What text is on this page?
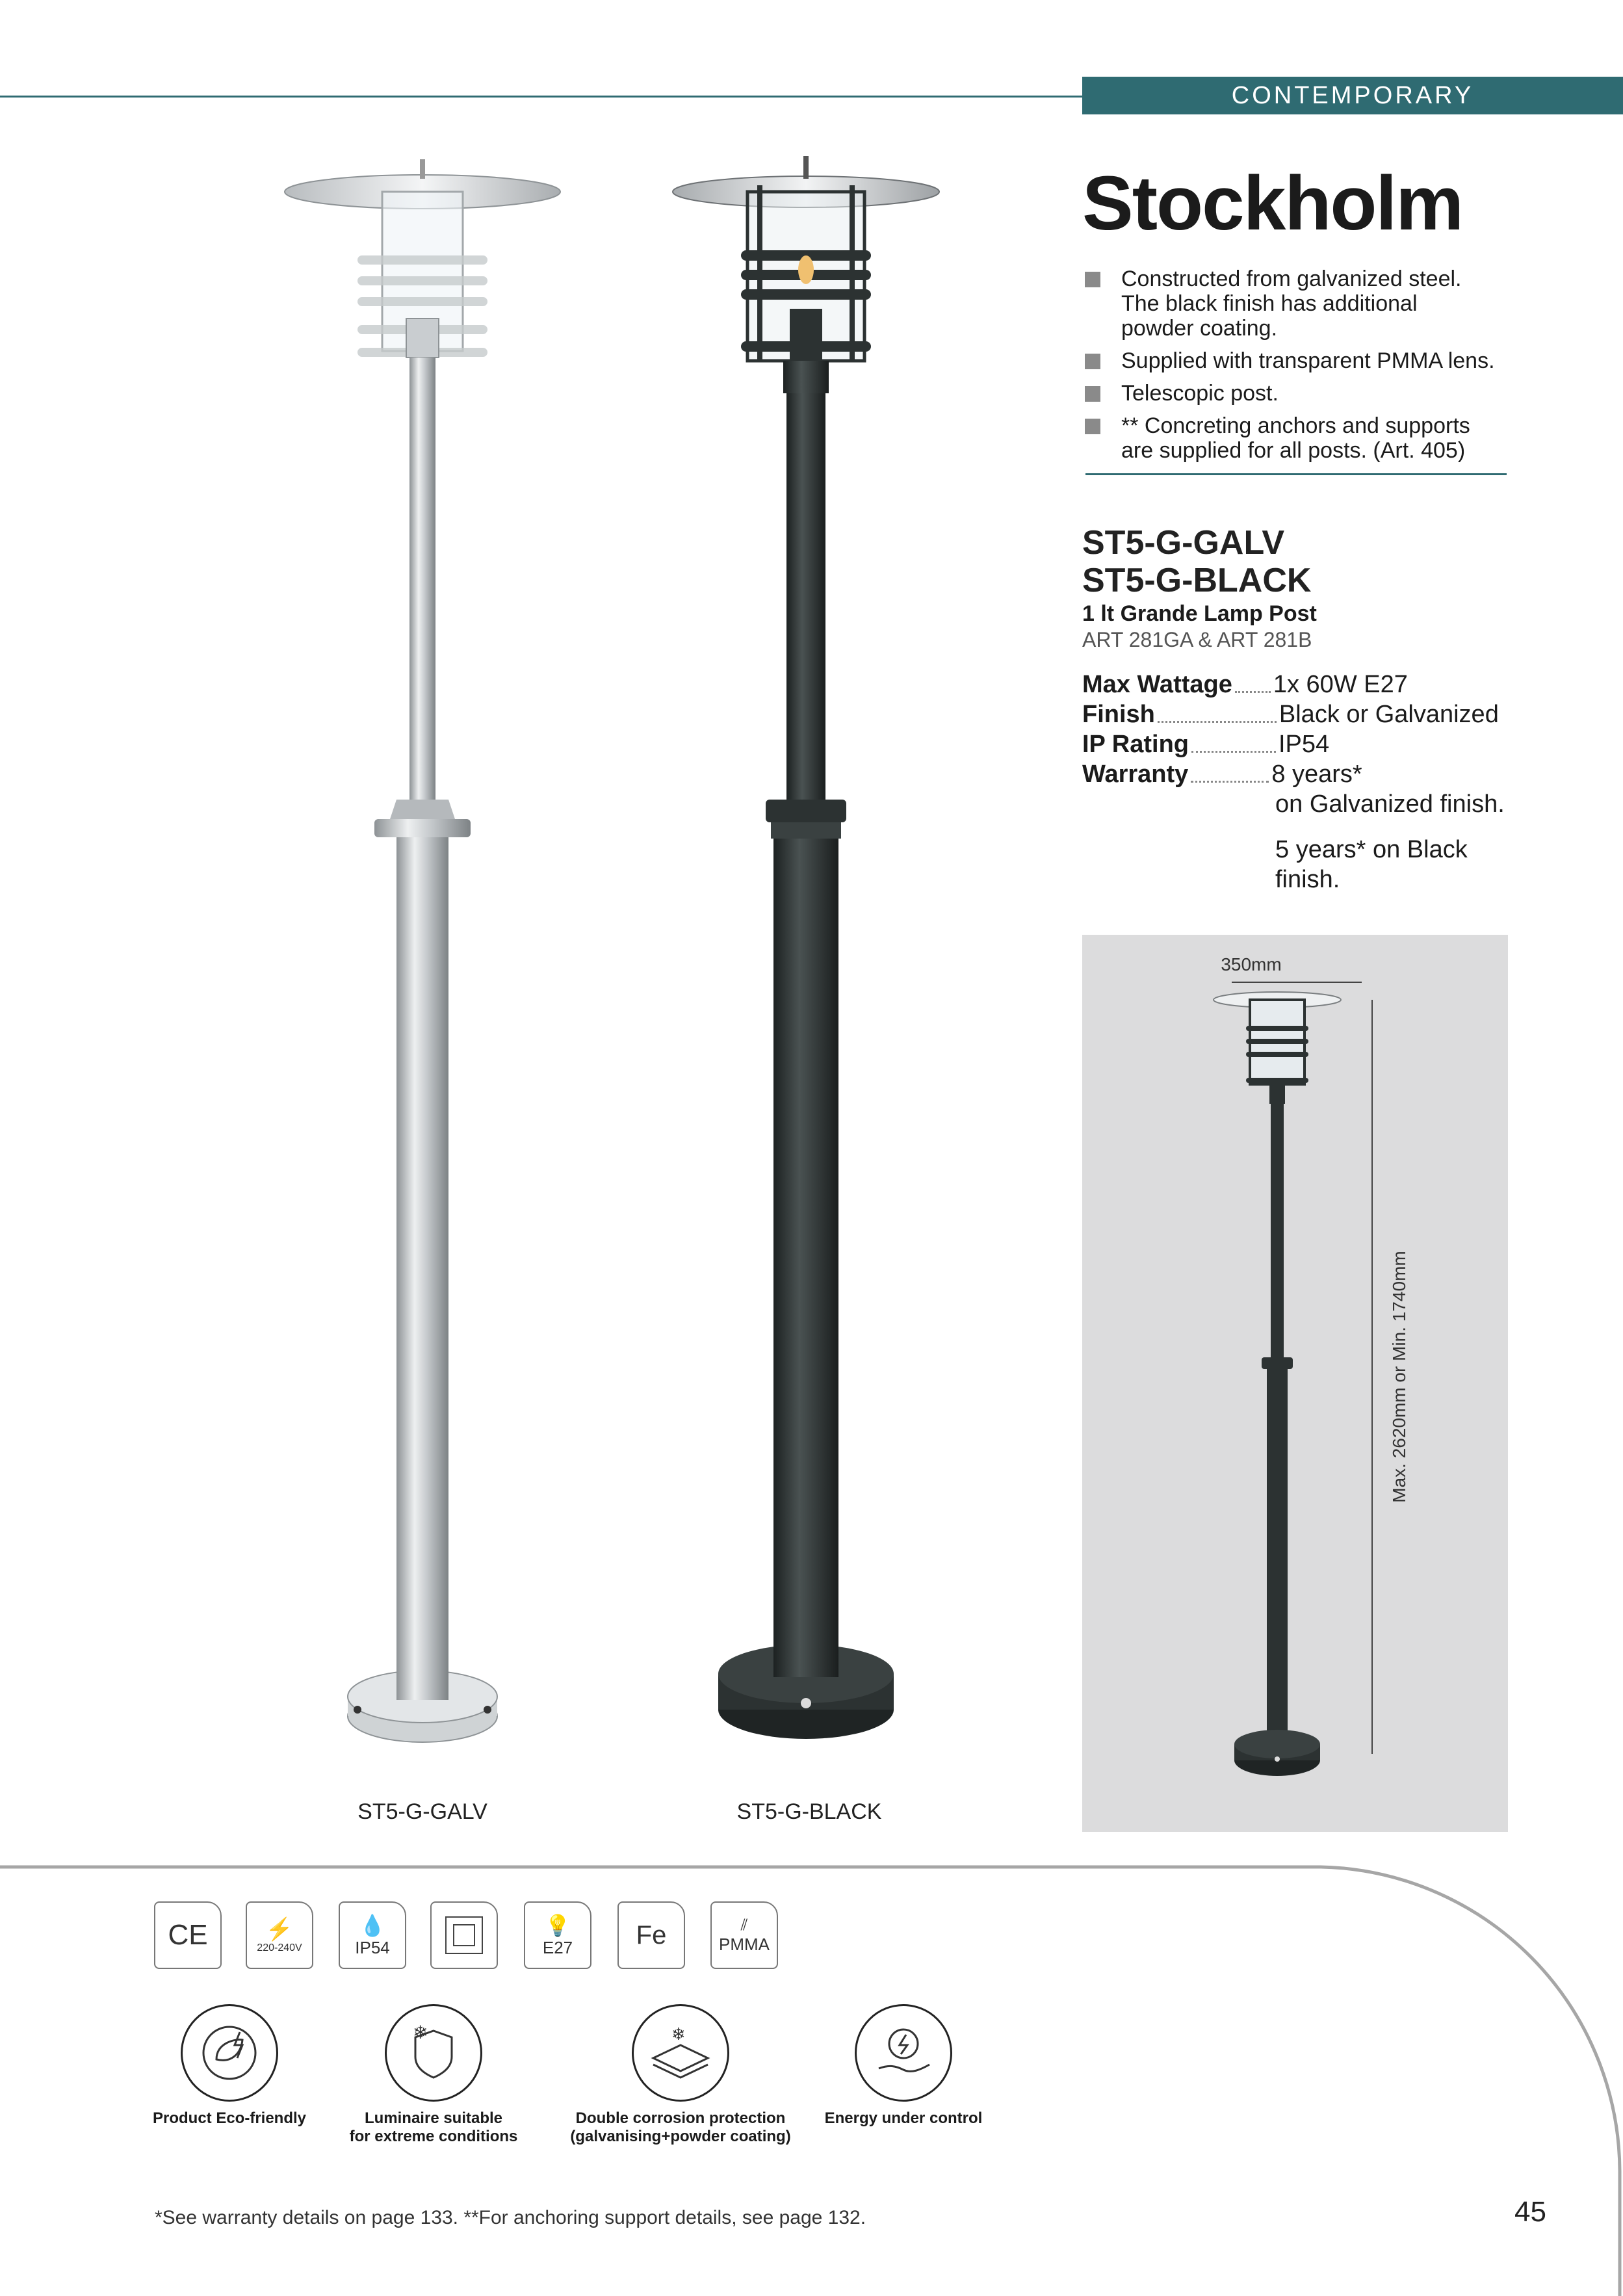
CONTEMPORARY
ST5-G-GALV	ST5-G-BLACK
Stockholm
Constructed from galvanized steel.
The black finish has additional
powder coating.
Supplied with transparent PMMA lens.
Telescopic post.
** Concreting anchors and supports
are supplied for all posts. (Art. 405)
ST5-G-GALV
ST5-G-BLACK
1 lt Grande Lamp Post
ART 281GA & ART 281B
Max Wattage 1x 60W E27
Finish	Black or Galvanized
IP Rating	IP54
Warranty	8 years*
on Galvanized finish.
5 years* on Black
finish.
350mm
Max. 2620mm or Min. 1740mm
CE	⚡
220-240V
💧
IP54
💡
E27 Fe	⫽
PMMA
❄	❄
Product Eco-friendly	Luminaire suitable
for extreme conditions
Double corrosion protection
(galvanising+powder coating)
Energy under control
*See warranty details on page 133. **For anchoring support details, see page 132.	45
